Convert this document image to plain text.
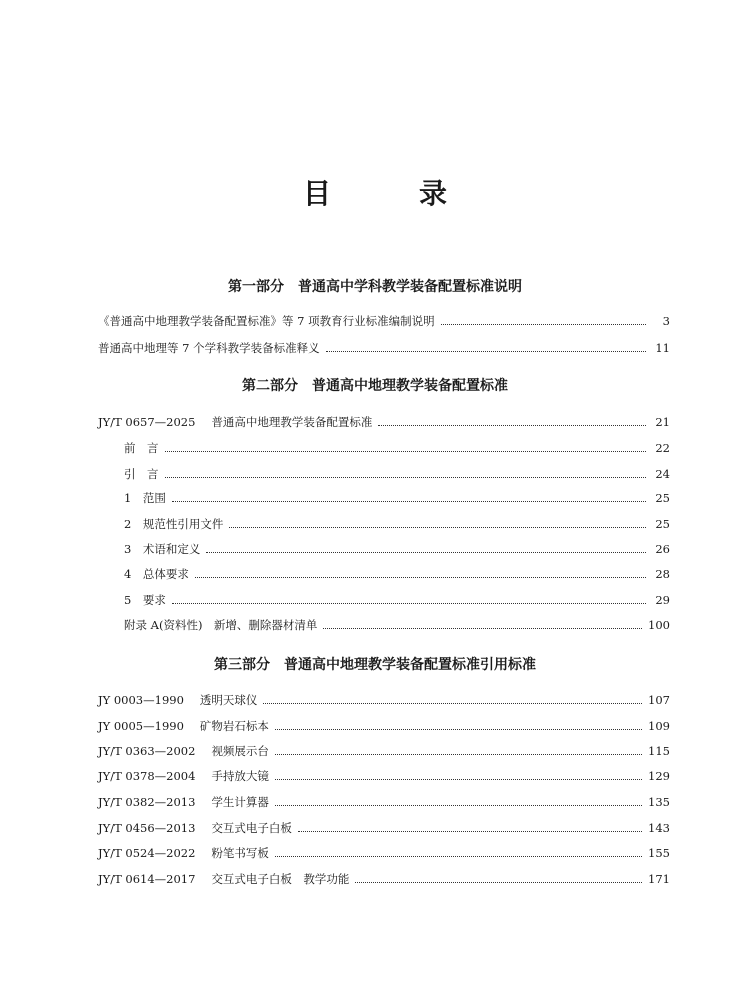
目　录
第一部分　普通高中学科教学装备配置标准说明
《普通高中地理教学装备配置标准》等 7 项教育行业标准编制说明	3
普通高中地理等 7 个学科教学装备标准释义	11
第二部分　普通高中地理教学装备配置标准
JY/T 0657—2025 普通高中地理教学装备配置标准	21
前　言	22
引　言	24
1　范围	25
2　规范性引用文件	25
3　术语和定义	26
4　总体要求	28
5　要求	29
附录 A(资料性)　新增、删除器材清单	100
第三部分　普通高中地理教学装备配置标准引用标准
JY 0003—1990 透明天球仪	107
JY 0005—1990 矿物岩石标本	109
JY/T 0363—2002 视频展示台	115
JY/T 0378—2004 手持放大镜	129
JY/T 0382—2013 学生计算器	135
JY/T 0456—2013 交互式电子白板	143
JY/T 0524—2022 粉笔书写板	155
JY/T 0614—2017 交互式电子白板　教学功能	171
